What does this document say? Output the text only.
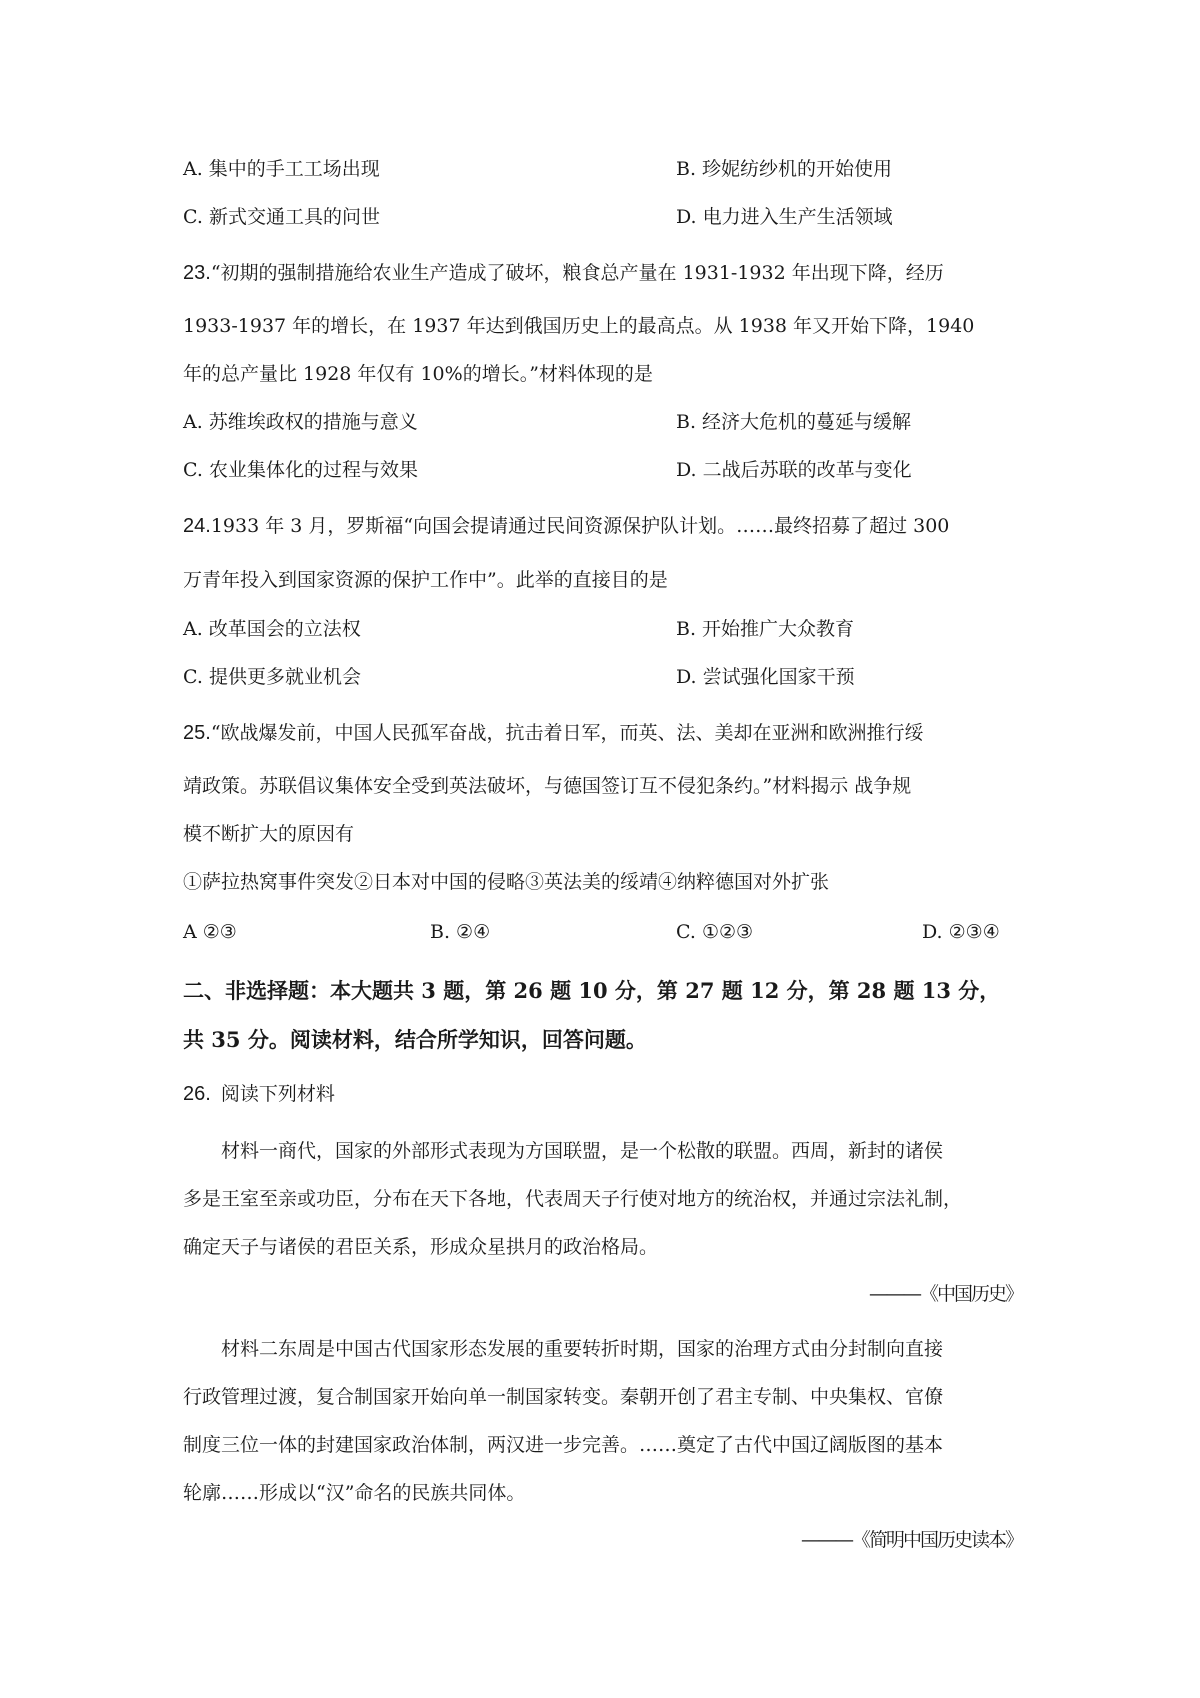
A. 集中的手工工场出现	B. 珍妮纺纱机的开始使用
C. 新式交通工具的问世	D. 电力进入生产生活领域
23.“初期的强制措施给农业生产造成了破坏，粮食总产量在 1931-1932 年出现下降，经历
1933-1937 年的增长，在 1937 年达到俄国历史上的最高点。从 1938 年又开始下降，1940
年的总产量比 1928 年仅有 10%的增长。”材料体现的是
A. 苏维埃政权的措施与意义	B. 经济大危机的蔓延与缓解
C. 农业集体化的过程与效果	D. 二战后苏联的改革与变化
24.1933 年 3 月，罗斯福“向国会提请通过民间资源保护队计划。……最终招募了超过 300
万青年投入到国家资源的保护工作中”。此举的直接目的是
A. 改革国会的立法权	B. 开始推广大众教育
C. 提供更多就业机会	D. 尝试强化国家干预
25.“欧战爆发前，中国人民孤军奋战，抗击着日军，而英、法、美却在亚洲和欧洲推行绥
靖政策。苏联倡议集体安全受到英法破坏，与德国签订互不侵犯条约。”材料揭示 战争规
模不断扩大的原因有
①萨拉热窝事件突发②日本对中国的侵略③英法美的绥靖④纳粹德国对外扩张
A ②③	B. ②④	C. ①②③	D. ②③④
二、非选择题：本大题共 3 题，第 26 题 10 分，第 27 题 12 分，第 28 题 13 分，
共 35 分。阅读材料，结合所学知识，回答问题。
26. 阅读下列材料
材料一商代，国家的外部形式表现为方国联盟，是一个松散的联盟。西周，新封的诸侯
多是王室至亲或功臣，分布在天下各地，代表周天子行使对地方的统治权，并通过宗法礼制，
确定天子与诸侯的君臣关系，形成众星拱月的政治格局。
———《中国历史》
材料二东周是中国古代国家形态发展的重要转折时期，国家的治理方式由分封制向直接
行政管理过渡，复合制国家开始向单一制国家转变。秦朝开创了君主专制、中央集权、官僚
制度三位一体的封建国家政治体制，两汉进一步完善。……奠定了古代中国辽阔版图的基本
轮廓……形成以“汉”命名的民族共同体。
———《简明中国历史读本》
